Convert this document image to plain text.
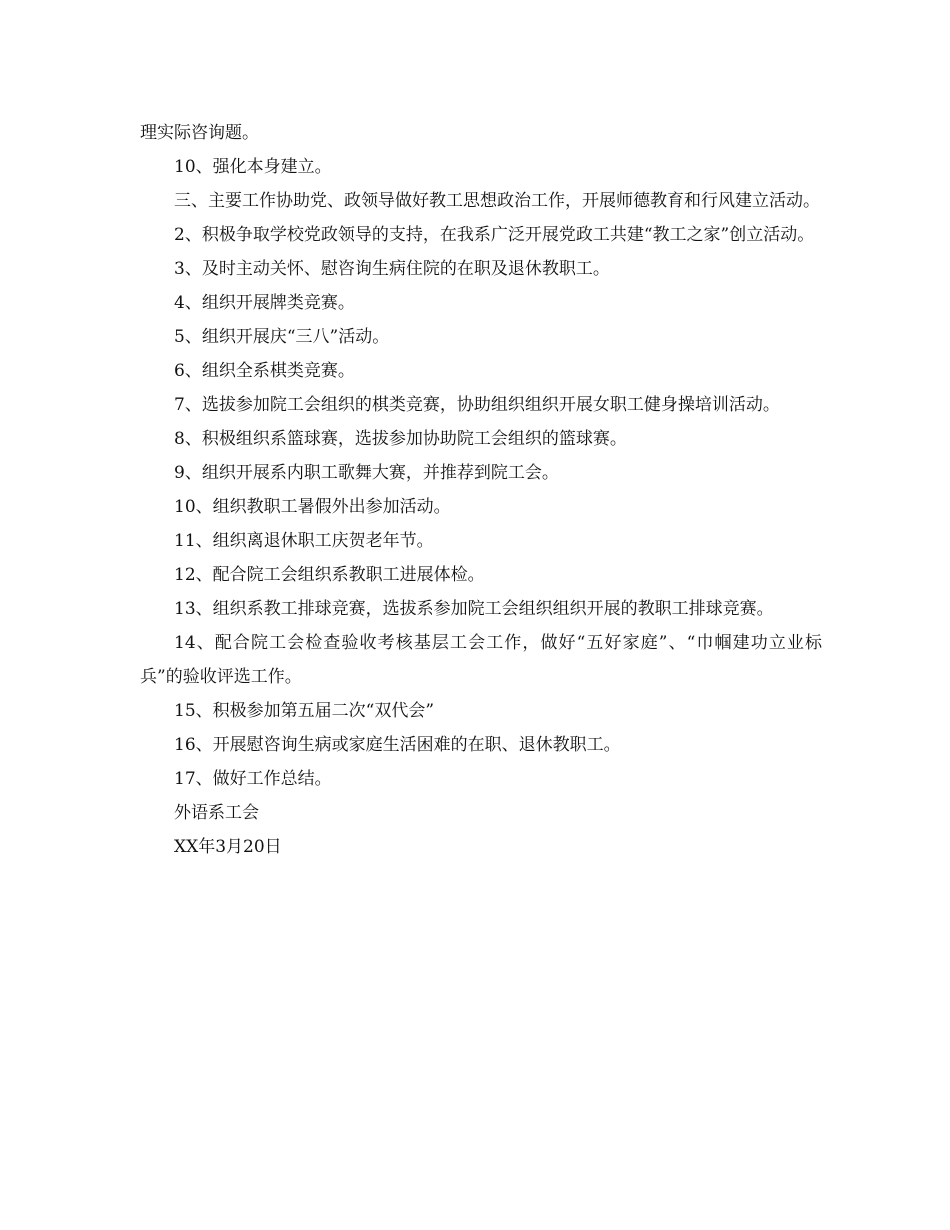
理实际咨询题。

10、强化本身建立。

三、主要工作协助党、政领导做好教工思想政治工作，开展师德教育和行风建立活动。

2、积极争取学校党政领导的支持，在我系广泛开展党政工共建“教工之家”创立活动。

3、及时主动关怀、慰咨询生病住院的在职及退休教职工。

4、组织开展牌类竞赛。

5、组织开展庆“三八”活动。

6、组织全系棋类竞赛。

7、选拔参加院工会组织的棋类竞赛，协助组织组织开展女职工健身操培训活动。

8、积极组织系篮球赛，选拔参加协助院工会组织的篮球赛。

9、组织开展系内职工歌舞大赛，并推荐到院工会。

10、组织教职工暑假外出参加活动。

11、组织离退休职工庆贺老年节。

12、配合院工会组织系教职工进展体检。

13、组织系教工排球竞赛，选拔系参加院工会组织组织开展的教职工排球竞赛。

14、配合院工会检查验收考核基层工会工作，做好“五好家庭”、“巾帼建功立业标兵”的验收评选工作。

15、积极参加第五届二次“双代会”

16、开展慰咨询生病或家庭生活困难的在职、退休教职工。

17、做好工作总结。

外语系工会

XX年3月20日
